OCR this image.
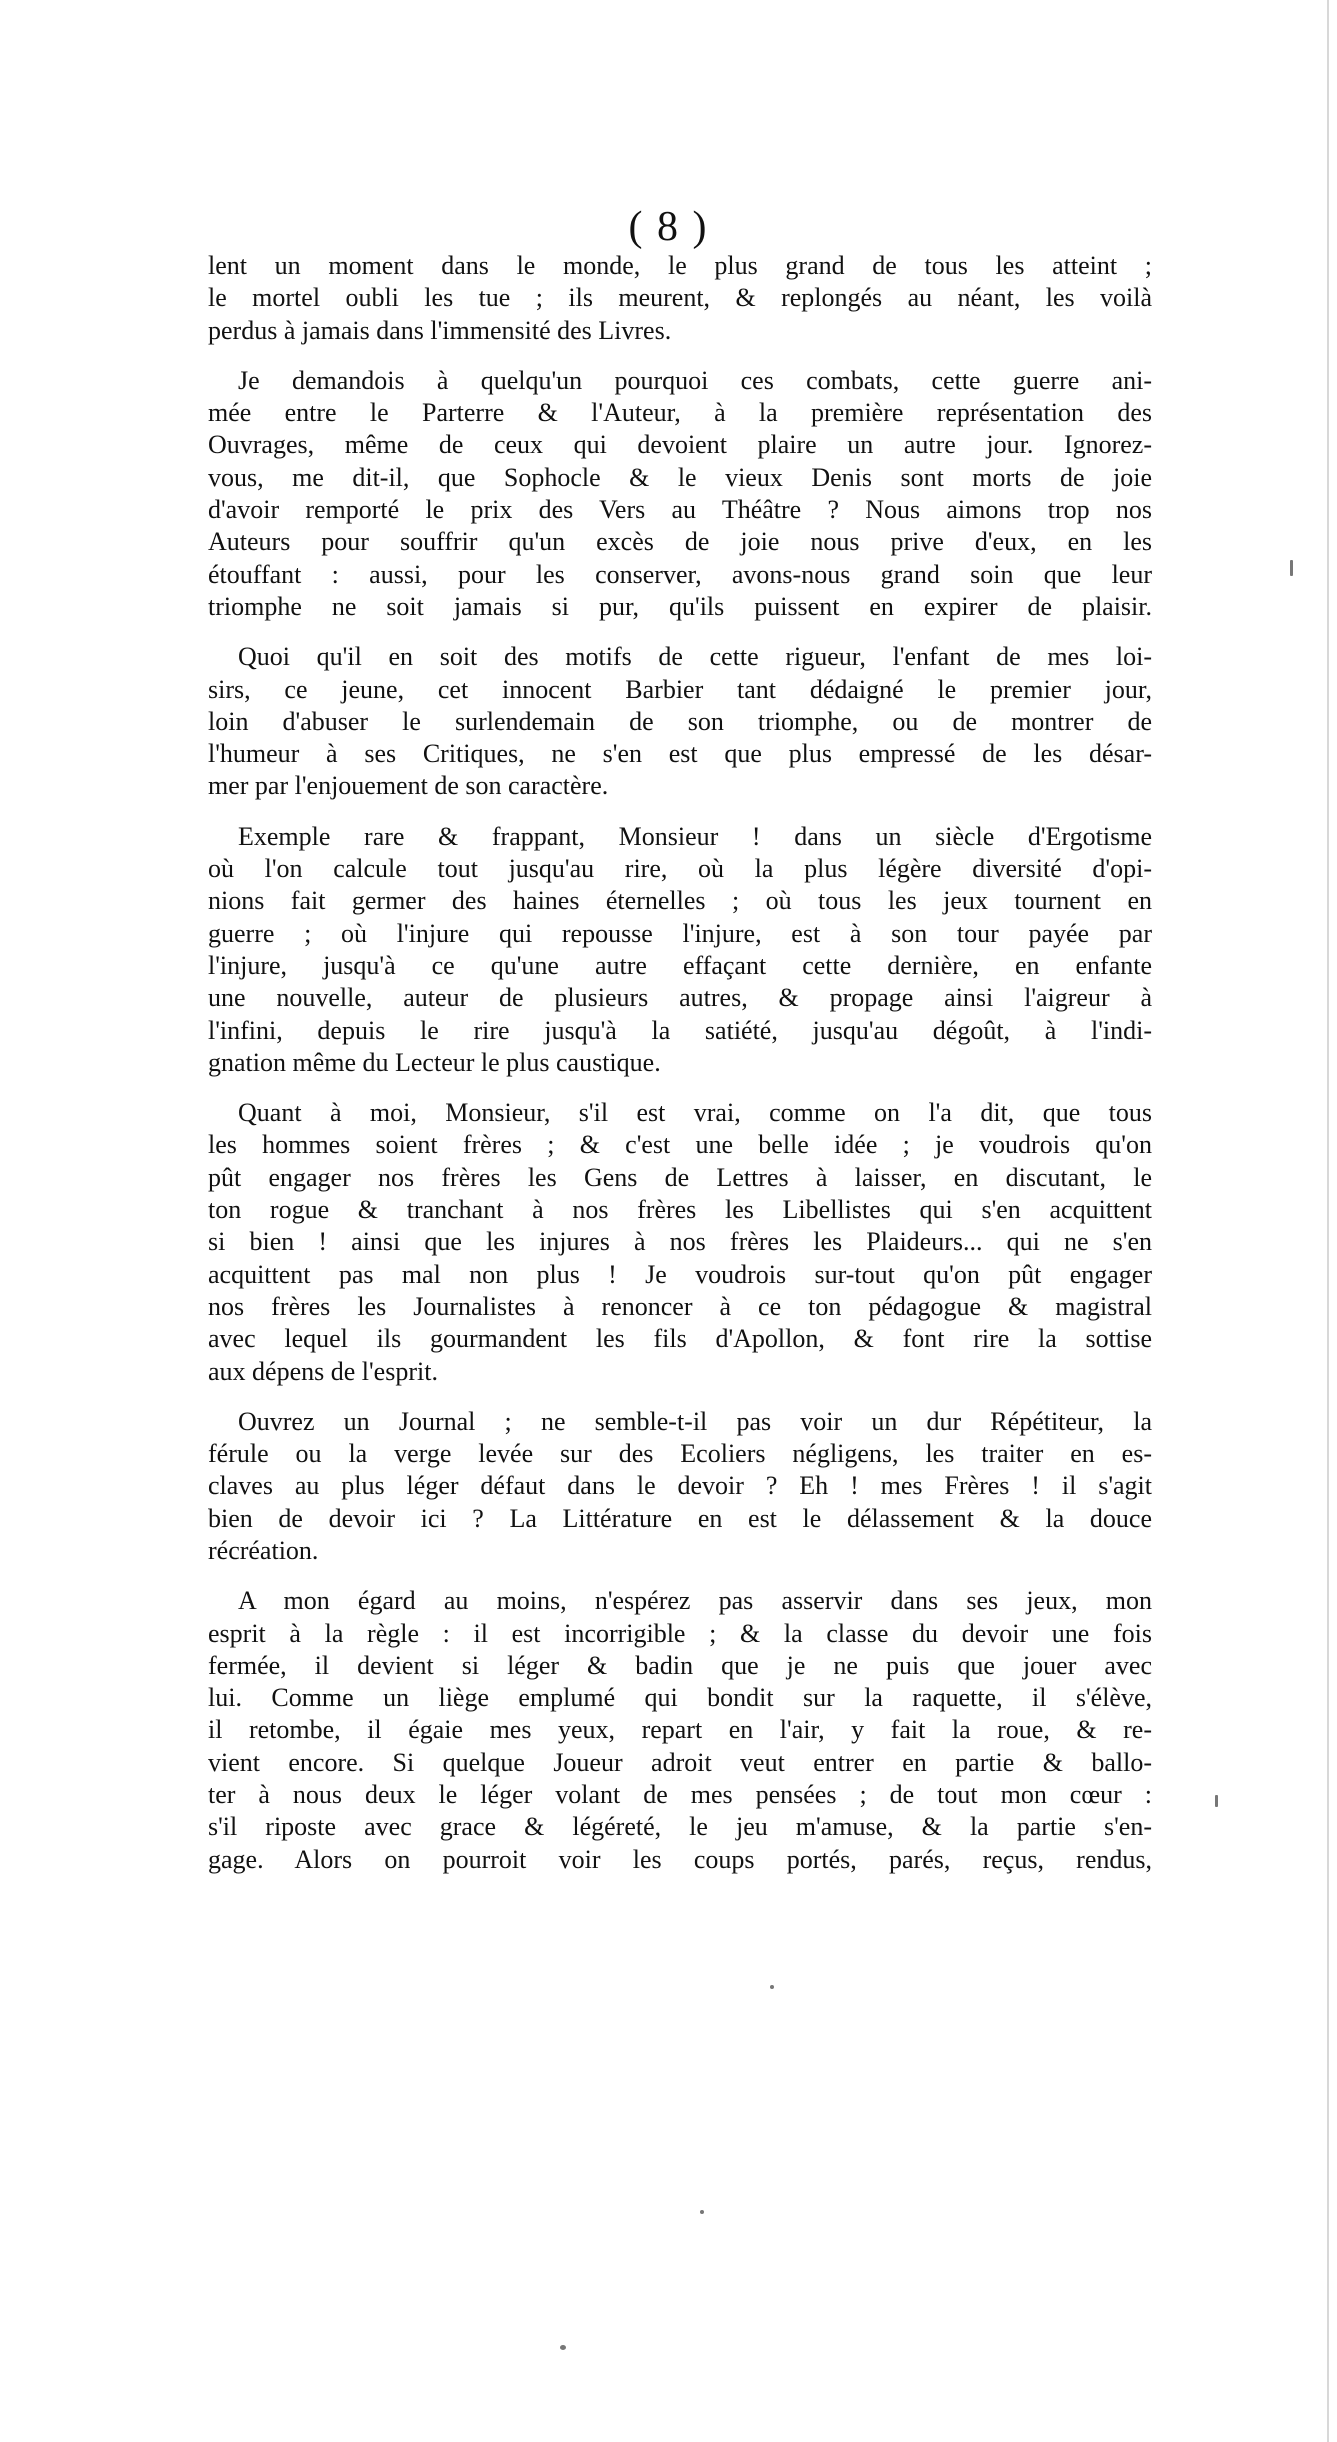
( 8 )
lent un moment dans le monde, le plus grand de tous les atteint ;
le mortel oubli les tue ; ils meurent, & replongés au néant, les voilà
perdus à jamais dans l'immensité des Livres.
Je demandois à quelqu'un pourquoi ces combats, cette guerre ani-
mée entre le Parterre & l'Auteur, à la première représentation des
Ouvrages, même de ceux qui devoient plaire un autre jour. Ignorez-
vous, me dit-il, que Sophocle & le vieux Denis sont morts de joie
d'avoir remporté le prix des Vers au Théâtre ? Nous aimons trop nos
Auteurs pour souffrir qu'un excès de joie nous prive d'eux, en les
étouffant : aussi, pour les conserver, avons-nous grand soin que leur
triomphe ne soit jamais si pur, qu'ils puissent en expirer de plaisir.
Quoi qu'il en soit des motifs de cette rigueur, l'enfant de mes loi-
sirs, ce jeune, cet innocent Barbier tant dédaigné le premier jour,
loin d'abuser le surlendemain de son triomphe, ou de montrer de
l'humeur à ses Critiques, ne s'en est que plus empressé de les désar-
mer par l'enjouement de son caractère.
Exemple rare & frappant, Monsieur ! dans un siècle d'Ergotisme
où l'on calcule tout jusqu'au rire, où la plus légère diversité d'opi-
nions fait germer des haines éternelles ; où tous les jeux tournent en
guerre ; où l'injure qui repousse l'injure, est à son tour payée par
l'injure, jusqu'à ce qu'une autre effaçant cette dernière, en enfante
une nouvelle, auteur de plusieurs autres, & propage ainsi l'aigreur à
l'infini, depuis le rire jusqu'à la satiété, jusqu'au dégoût, à l'indi-
gnation même du Lecteur le plus caustique.
Quant à moi, Monsieur, s'il est vrai, comme on l'a dit, que tous
les hommes soient frères ; & c'est une belle idée ; je voudrois qu'on
pût engager nos frères les Gens de Lettres à laisser, en discutant, le
ton rogue & tranchant à nos frères les Libellistes qui s'en acquittent
si bien ! ainsi que les injures à nos frères les Plaideurs... qui ne s'en
acquittent pas mal non plus ! Je voudrois sur-tout qu'on pût engager
nos frères les Journalistes à renoncer à ce ton pédagogue & magistral
avec lequel ils gourmandent les fils d'Apollon, & font rire la sottise
aux dépens de l'esprit.
Ouvrez un Journal ; ne semble-t-il pas voir un dur Répétiteur, la
férule ou la verge levée sur des Ecoliers négligens, les traiter en es-
claves au plus léger défaut dans le devoir ? Eh ! mes Frères ! il s'agit
bien de devoir ici ? La Littérature en est le délassement & la douce
récréation.
A mon égard au moins, n'espérez pas asservir dans ses jeux, mon
esprit à la règle : il est incorrigible ; & la classe du devoir une fois
fermée, il devient si léger & badin que je ne puis que jouer avec
lui. Comme un liège emplumé qui bondit sur la raquette, il s'élève,
il retombe, il égaie mes yeux, repart en l'air, y fait la roue, & re-
vient encore. Si quelque Joueur adroit veut entrer en partie & ballo-
ter à nous deux le léger volant de mes pensées ; de tout mon cœur :
s'il riposte avec grace & légéreté, le jeu m'amuse, & la partie s'en-
gage. Alors on pourroit voir les coups portés, parés, reçus, rendus,
